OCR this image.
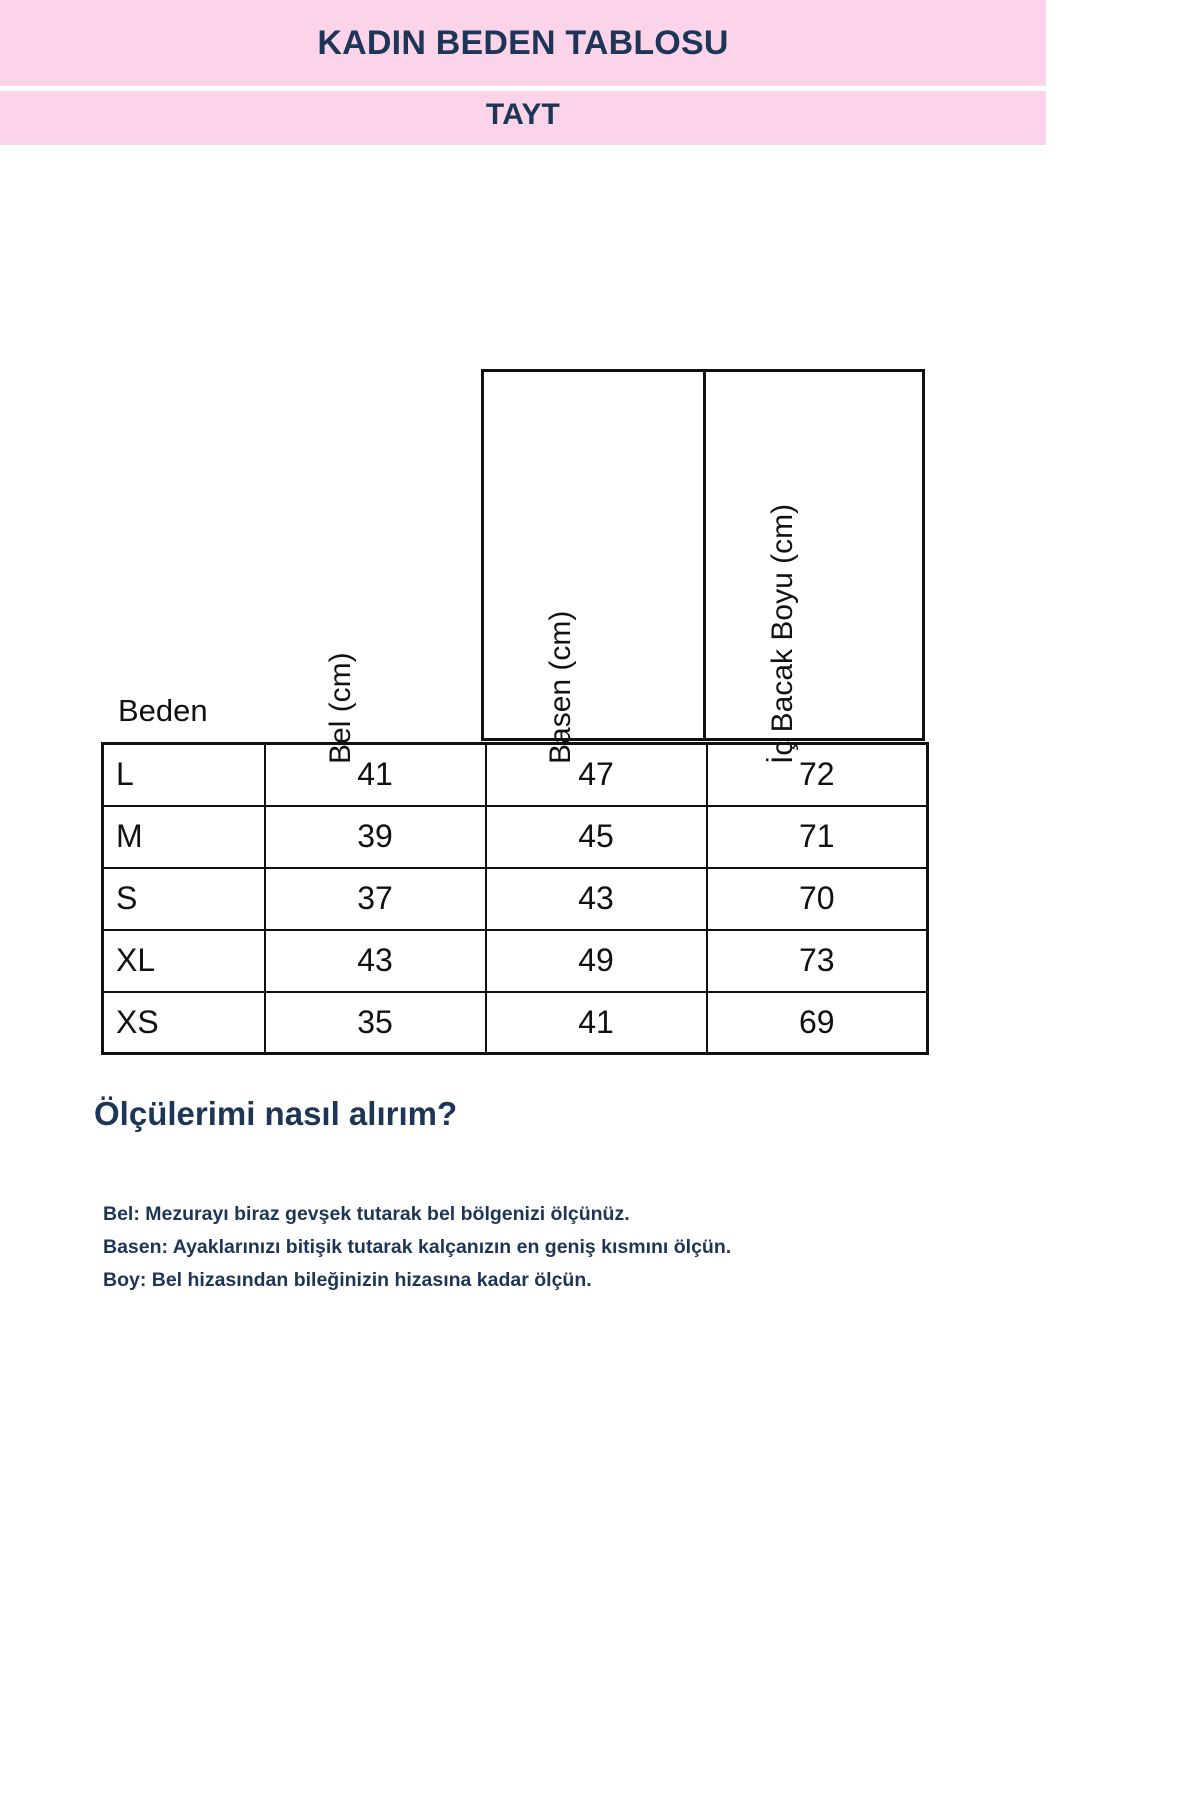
KADIN BEDEN TABLOSU
TAYT
Beden	Bel (cm)	Basen (cm)	İç Bacak Boyu (cm)
L	41	47	72
M	39	45	71
S	37	43	70
XL	43	49	73
XS	35	41	69
Ölçülerimi nasıl alırım?
Bel: Mezurayı biraz gevşek tutarak bel bölgenizi ölçünüz.
Basen: Ayaklarınızı bitişik tutarak kalçanızın en geniş kısmını ölçün.
Boy: Bel hizasından bileğinizin hizasına kadar ölçün.
